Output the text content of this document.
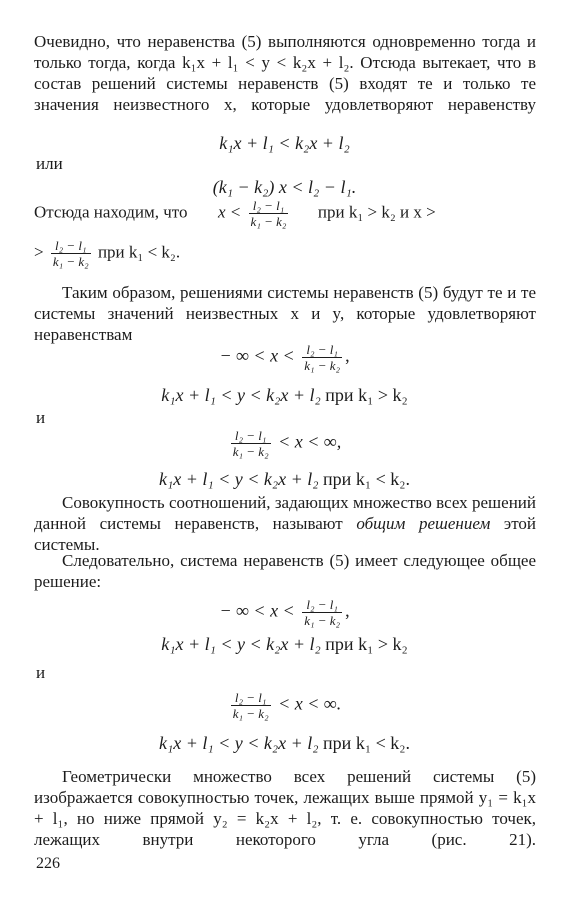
Очевидно, что неравенства (5) выполняются одновременно тогда и только тогда, когда k₁x + l₁ < y < k₂x + l₂. Отсюда вытекает, что в состав решений системы неравенств (5) входят те и только те значения неизвестного x, которые удовлетворяют неравенству

k₁x + l₁ < k₂x + l₂
или
(k₁ − k₂) x < l₂ − l₁.
Отсюда находим, что $x < \frac{\text{l₂ − l₁}}{\text{k₁ − k₂}}$ при k₁ > k₂ и x >
> $\frac{\text{l₂ − l₁}}{\text{k₁ − k₂}}$ при k₁ < k₂.

Таким образом, решениями системы неравенств (5) будут те и те системы значений неизвестных x и y, которые удовлетворяют неравенствам

− ∞ < $x < \frac{\text{l₂ − l₁}}{\text{k₁ − k₂}}$ ,
k₁x + l₁ < y < k₂x + l₂ при k₁ > k₂
и
$\frac{\text{l₂ − l₁}}{\text{k₁ − k₂}} < x$ < ∞,
k₁x + l₁ < y < k₂x + l₂ при k₁ < k₂.

Совокупность соотношений, задающих множество всех решений данной системы неравенств, называют общим решением этой системы.

Следовательно, система неравенств (5) имеет следующее общее решение:

− ∞ < $x < \frac{\text{l₂ − l₁}}{\text{k₁ − k₂}}$ ,
k₁x + l₁ < y < k₂x + l₂ при k₁ > k₂
и
$\frac{\text{l₂ − l₁}}{\text{k₁ − k₂}} < x$ < ∞.
k₁x + l₁ < y < k₂x + l₂ при k₁ < k₂.

Геометрически множество всех решений системы (5) изображается совокупностью точек, лежащих выше прямой y₁ = k₁x + l₁, но ниже прямой y₂ = k₂x + l₂, т. е. совокупностью точек, лежащих внутри некоторого угла (рис. 21).

226
